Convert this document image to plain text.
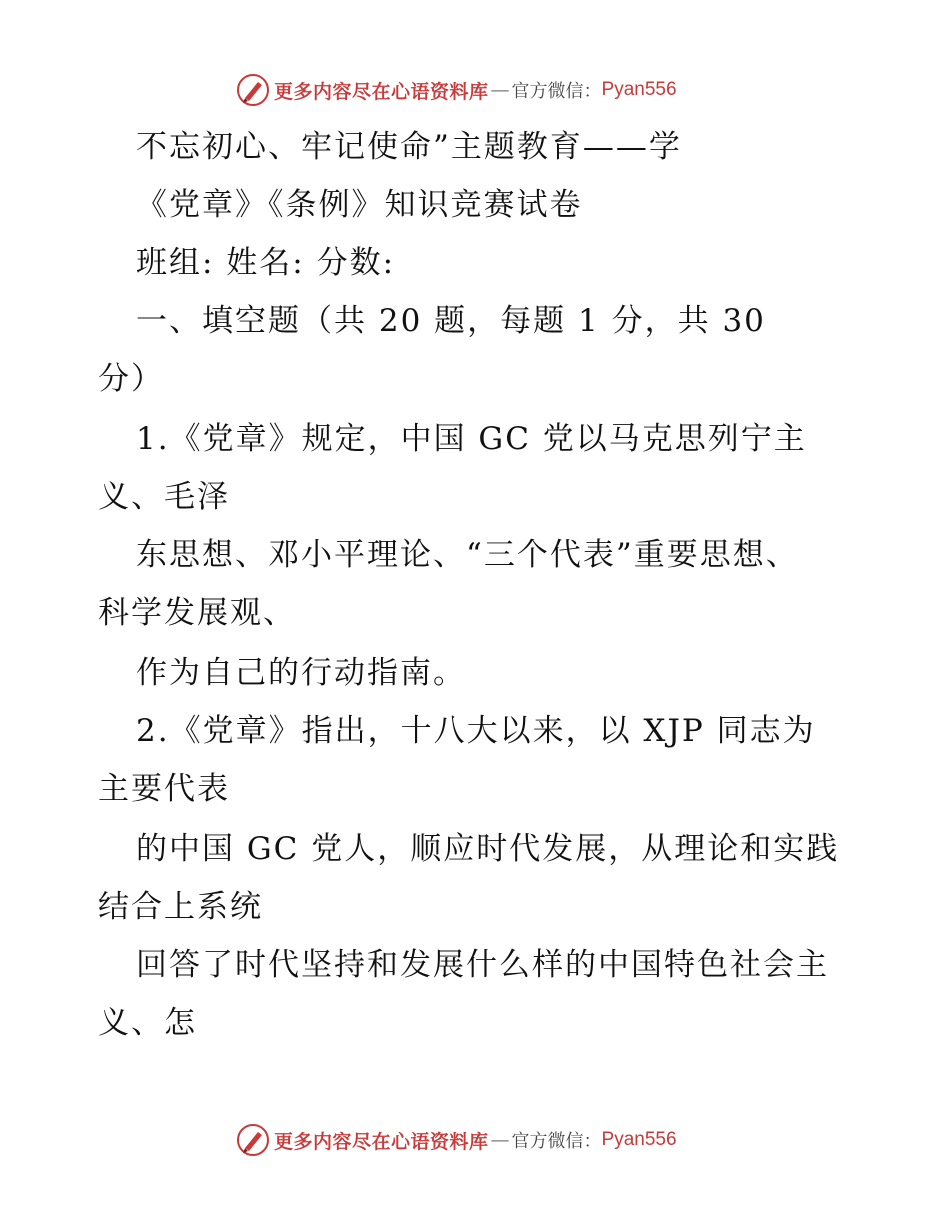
更多内容尽在心语资料库 — 官方微信： Pyan556
不忘初心、牢记使命”主题教育——学
《党章》《条例》知识竞赛试卷
班组: 姓名: 分数:
一、填空题（共 20 题，每题 1 分，共 30
分）
1.《党章》规定，中国 GC 党以马克思列宁主
义、毛泽
东思想、邓小平理论、“三个代表”重要思想、
科学发展观、
作为自己的行动指南。
2.《党章》指出，十八大以来，以 XJP 同志为
主要代表
的中国 GC 党人，顺应时代发展，从理论和实践
结合上系统
回答了时代坚持和发展什么样的中国特色社会主
义、怎
更多内容尽在心语资料库 — 官方微信： Pyan556
